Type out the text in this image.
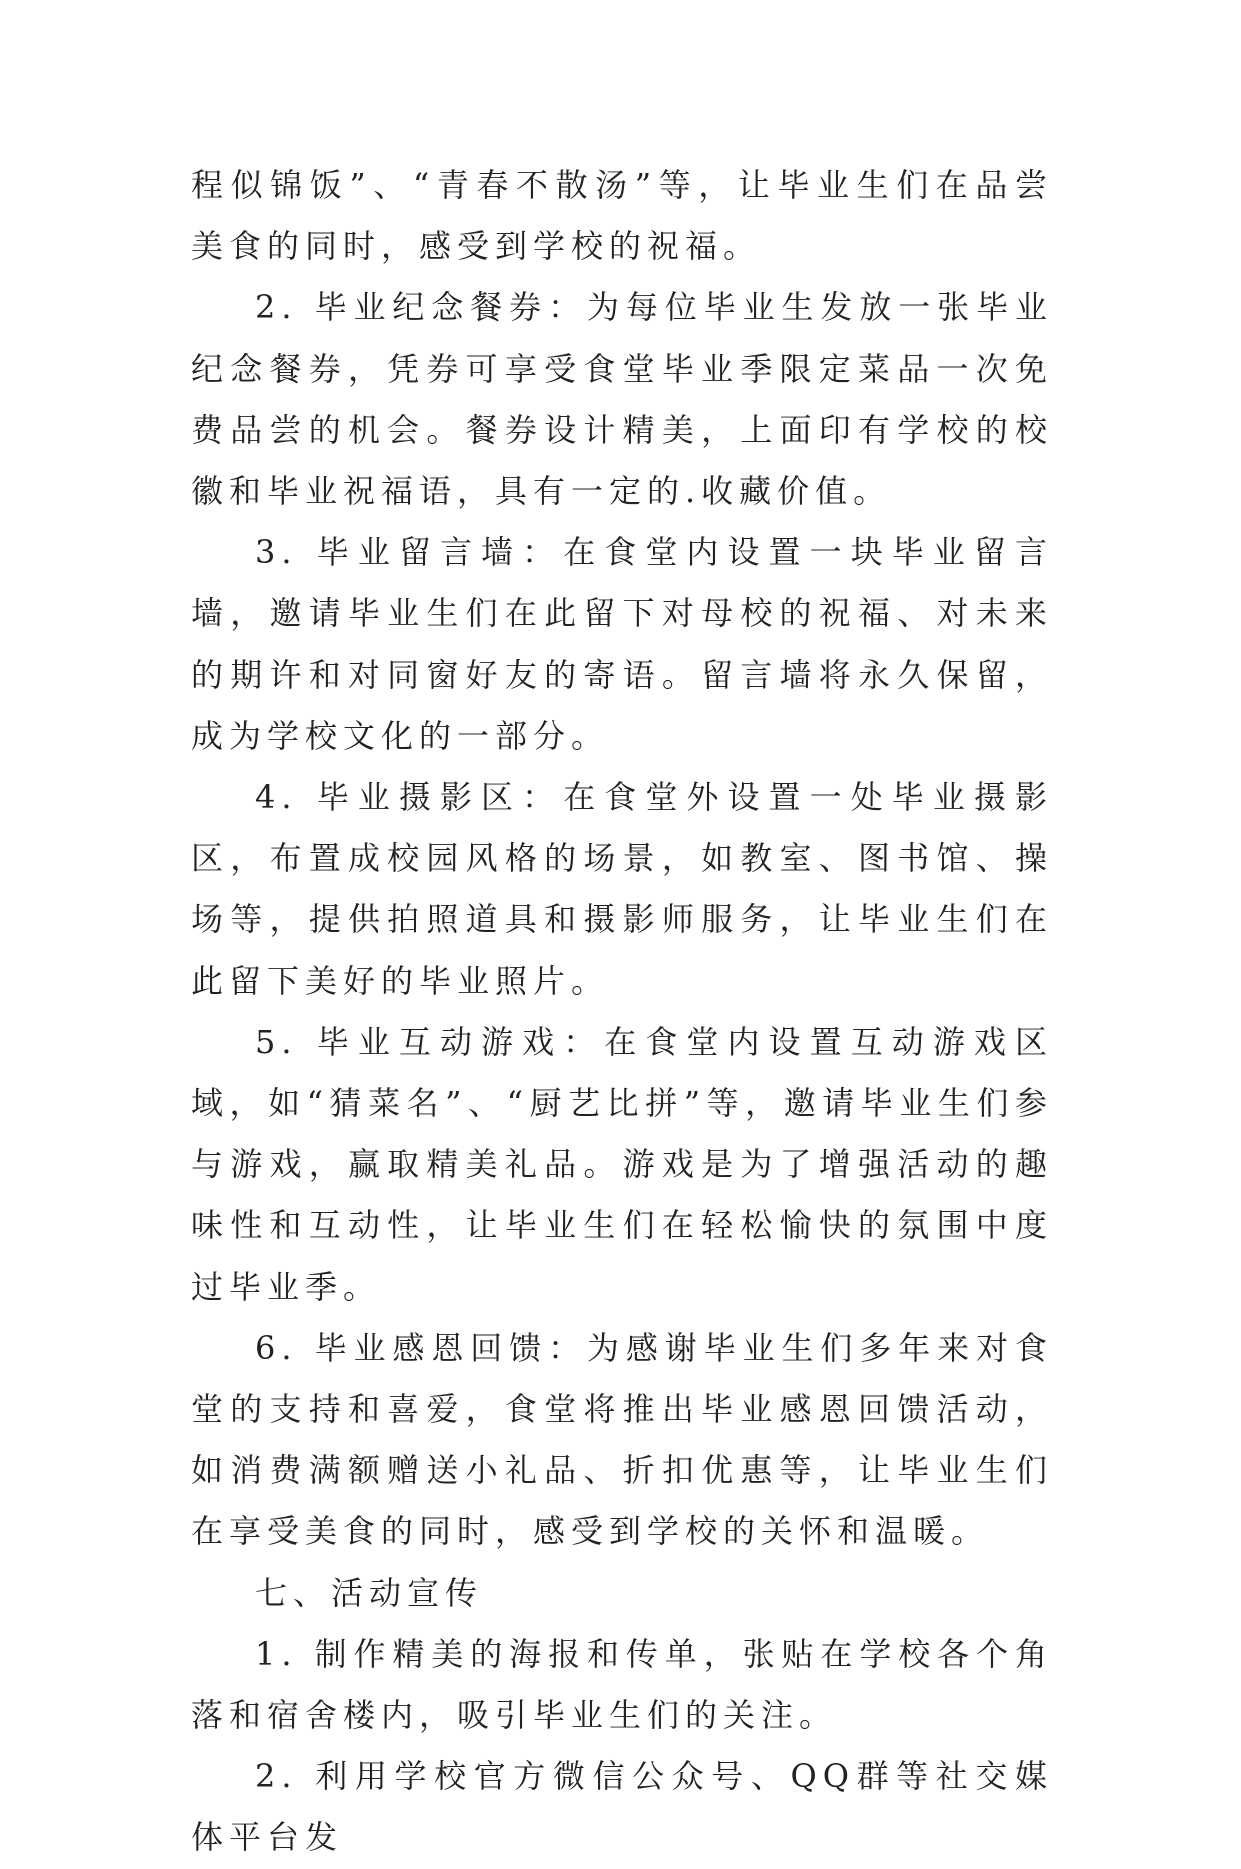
程似锦饭”、“青春不散汤”等，让毕业生们在品尝美食的同时，感受到学校的祝福。

2. 毕业纪念餐券：为每位毕业生发放一张毕业纪念餐券，凭券可享受食堂毕业季限定菜品一次免费品尝的机会。餐券设计精美，上面印有学校的校徽和毕业祝福语，具有一定的.收藏价值。

3. 毕业留言墙：在食堂内设置一块毕业留言墙，邀请毕业生们在此留下对母校的祝福、对未来的期许和对同窗好友的寄语。留言墙将永久保留，成为学校文化的一部分。

4. 毕业摄影区：在食堂外设置一处毕业摄影区，布置成校园风格的场景，如教室、图书馆、操场等，提供拍照道具和摄影师服务，让毕业生们在此留下美好的毕业照片。

5. 毕业互动游戏：在食堂内设置互动游戏区域，如“猜菜名”、“厨艺比拼”等，邀请毕业生们参与游戏，赢取精美礼品。游戏是为了增强活动的趣味性和互动性，让毕业生们在轻松愉快的氛围中度过毕业季。

6. 毕业感恩回馈：为感谢毕业生们多年来对食堂的支持和喜爱，食堂将推出毕业感恩回馈活动，如消费满额赠送小礼品、折扣优惠等，让毕业生们在享受美食的同时，感受到学校的关怀和温暖。

七、活动宣传

1. 制作精美的海报和传单，张贴在学校各个角落和宿舍楼内，吸引毕业生们的关注。

2. 利用学校官方微信公众号、QQ群等社交媒体平台发
